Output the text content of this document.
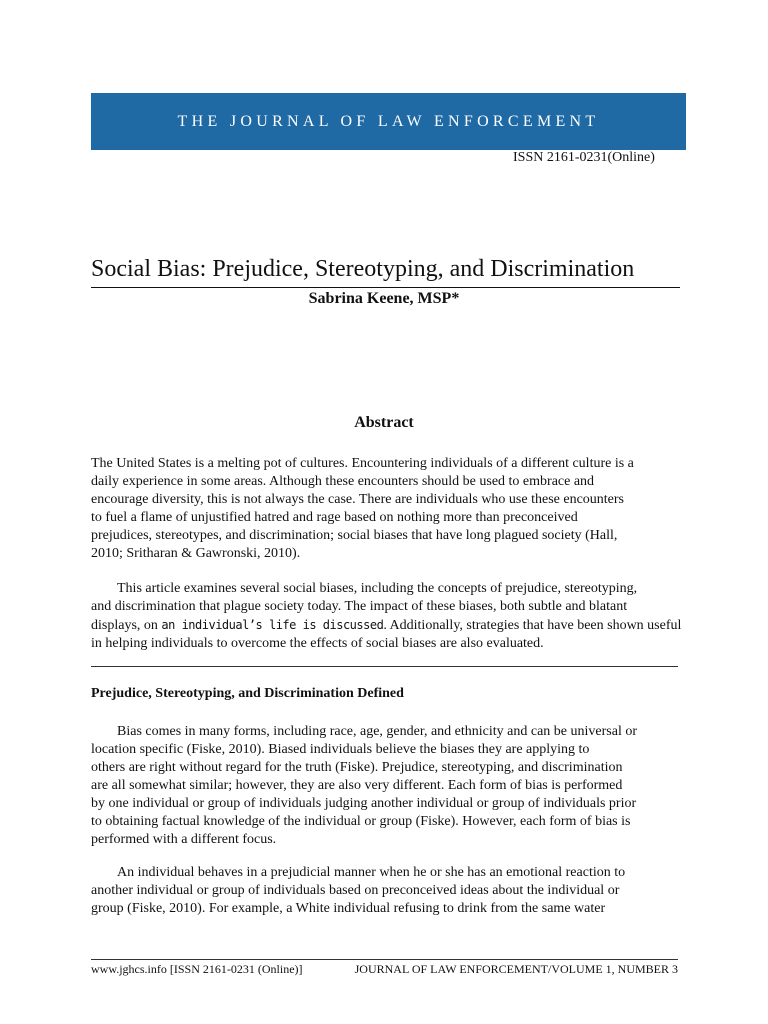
THE JOURNAL OF LAW ENFORCEMENT
ISSN 2161-0231(Online)
Social Bias: Prejudice, Stereotyping, and Discrimination
Sabrina Keene, MSP*
Abstract

The United States is a melting pot of cultures. Encountering individuals of a different culture is a
daily experience in some areas. Although these encounters should be used to embrace and
encourage diversity, this is not always the case. There are individuals who use these encounters
to fuel a flame of unjustified hatred and rage based on nothing more than preconceived
prejudices, stereotypes, and discrimination; social biases that have long plagued society (Hall,
2010; Sritharan & Gawronski, 2010).

This article examines several social biases, including the concepts of prejudice, stereotyping,
and discrimination that plague society today. The impact of these biases, both subtle and blatant
displays, on an individual’s life is discussed. Additionally, strategies that have been shown useful
in helping individuals to overcome the effects of social biases are also evaluated.

Prejudice, Stereotyping, and Discrimination Defined

Bias comes in many forms, including race, age, gender, and ethnicity and can be universal or
location specific (Fiske, 2010). Biased individuals believe the biases they are applying to
others are right without regard for the truth (Fiske). Prejudice, stereotyping, and discrimination
are all somewhat similar; however, they are also very different. Each form of bias is performed
by one individual or group of individuals judging another individual or group of individuals prior
to obtaining factual knowledge of the individual or group (Fiske). However, each form of bias is
performed with a different focus.

An individual behaves in a prejudicial manner when he or she has an emotional reaction to
another individual or group of individuals based on preconceived ideas about the individual or
group (Fiske, 2010). For example, a White individual refusing to drink from the same water

www.jghcs.info [ISSN 2161-0231 (Online)]	JOURNAL OF LAW ENFORCEMENT/VOLUME 1, NUMBER 3
